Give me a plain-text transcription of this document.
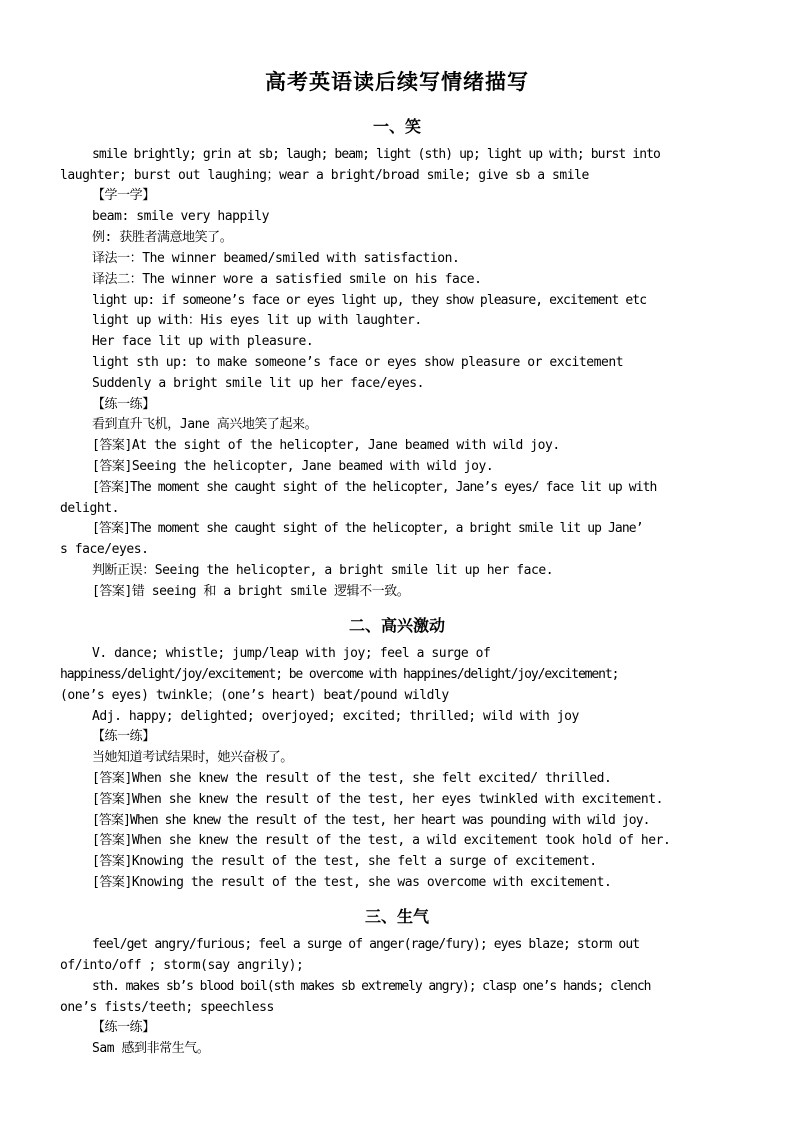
高考英语读后续写情绪描写
一、笑
smile brightly; grin at sb; laugh; beam; light (sth) up; light up with; burst into
laughter; burst out laughing；wear a bright/broad smile; give sb a smile
【学一学】
beam: smile very happily
例: 获胜者满意地笑了。
译法一：The winner beamed/smiled with satisfaction.
译法二：The winner wore a satisfied smile on his face.
light up: if someone’s face or eyes light up, they show pleasure, excitement etc
light up with：His eyes lit up with laughter.
Her face lit up with pleasure.
light sth up: to make someone’s face or eyes show pleasure or excitement
Suddenly a bright smile lit up her face/eyes.
【练一练】
看到直升飞机，Jane 高兴地笑了起来。
[答案]At the sight of the helicopter, Jane beamed with wild joy.
[答案]Seeing the helicopter, Jane beamed with wild joy.
[答案]The moment she caught sight of the helicopter, Jane’s eyes/ face lit up with
delight.
[答案]The moment she caught sight of the helicopter, a bright smile lit up Jane’
s face/eyes.
判断正误：Seeing the helicopter, a bright smile lit up her face.
[答案]错 seeing 和 a bright smile 逻辑不一致。
二、高兴激动
V. dance; whistle; jump/leap with joy; feel a surge of
happiness/delight/joy/excitement; be overcome with happines/delight/joy/excitement;
(one’s eyes) twinkle；(one’s heart) beat/pound wildly
Adj. happy; delighted; overjoyed; excited; thrilled; wild with joy
【练一练】
当她知道考试结果时，她兴奋极了。
[答案]When she knew the result of the test, she felt excited/ thrilled.
[答案]When she knew the result of the test, her eyes twinkled with excitement.
[答案]When she knew the result of the test, her heart was pounding with wild joy.
[答案]When she knew the result of the test, a wild excitement took hold of her.
[答案]Knowing the result of the test, she felt a surge of excitement.
[答案]Knowing the result of the test, she was overcome with excitement.
三、生气
feel/get angry/furious; feel a surge of anger(rage/fury); eyes blaze; storm out
of/into/off ; storm(say angrily);
sth. makes sb’s blood boil(sth makes sb extremely angry); clasp one’s hands; clench
one’s fists/teeth; speechless
【练一练】
Sam 感到非常生气。
